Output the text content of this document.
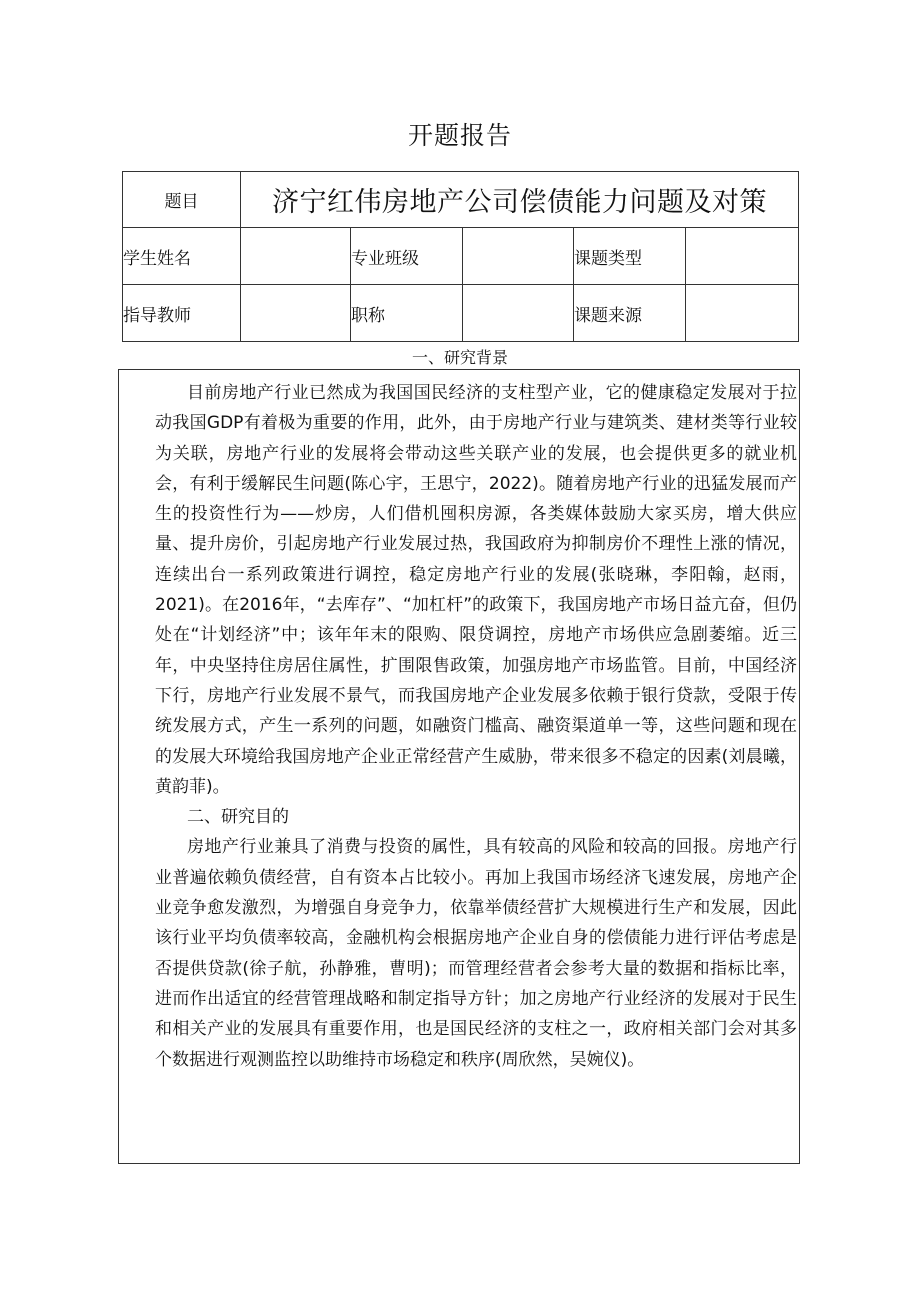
开题报告
题目	济宁红伟房地产公司偿债能力问题及对策				
学生姓名		专业班级		课题类型	
指导教师		职称		课题来源	
一、研究背景

目前房地产行业已然成为我国国民经济的支柱型产业，它的健康稳定发展对于拉动我国GDP有着极为重要的作用，此外，由于房地产行业与建筑类、建材类等行业较为关联，房地产行业的发展将会带动这些关联产业的发展，也会提供更多的就业机会，有利于缓解民生问题(陈心宇，王思宁，2022)。随着房地产行业的迅猛发展而产生的投资性行为——炒房，人们借机囤积房源，各类媒体鼓励大家买房，增大供应量、提升房价，引起房地产行业发展过热，我国政府为抑制房价不理性上涨的情况，连续出台一系列政策进行调控，稳定房地产行业的发展(张晓琳，李阳翰，赵雨，2021)。在2016年，“去库存”、“加杠杆”的政策下，我国房地产市场日益亢奋，但仍处在“计划经济”中；该年年末的限购、限贷调控，房地产市场供应急剧萎缩。近三年，中央坚持住房居住属性，扩围限售政策，加强房地产市场监管。目前，中国经济下行，房地产行业发展不景气，而我国房地产企业发展多依赖于银行贷款，受限于传统发展方式，产生一系列的问题，如融资门槛高、融资渠道单一等，这些问题和现在的发展大环境给我国房地产企业正常经营产生威胁，带来很多不稳定的因素(刘晨曦，黄韵菲)。

二、研究目的

房地产行业兼具了消费与投资的属性，具有较高的风险和较高的回报。房地产行业普遍依赖负债经营，自有资本占比较小。再加上我国市场经济飞速发展，房地产企业竞争愈发激烈，为增强自身竞争力，依靠举债经营扩大规模进行生产和发展，因此该行业平均负债率较高，金融机构会根据房地产企业自身的偿债能力进行评估考虑是否提供贷款(徐子航，孙静雅，曹明)；而管理经营者会参考大量的数据和指标比率，进而作出适宜的经营管理战略和制定指导方针；加之房地产行业经济的发展对于民生和相关产业的发展具有重要作用，也是国民经济的支柱之一，政府相关部门会对其多个数据进行观测监控以助维持市场稳定和秩序(周欣然，吴婉仪)。
